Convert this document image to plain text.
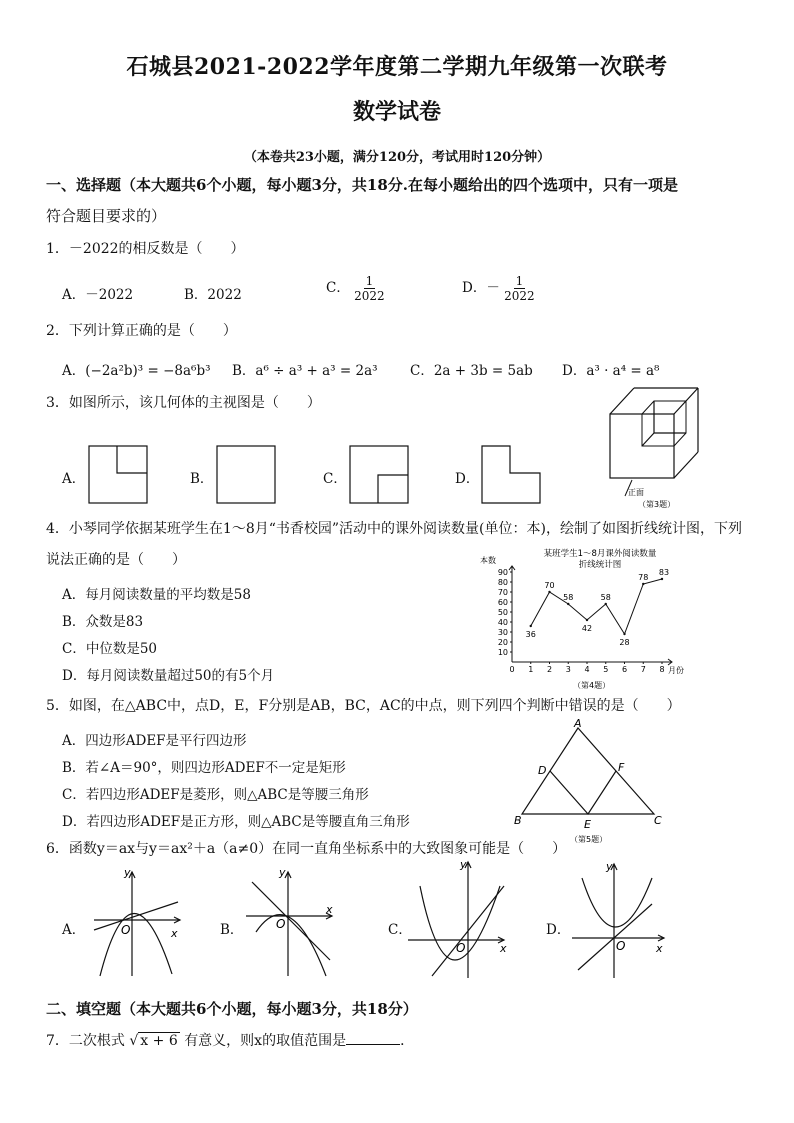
石城县2021-2022学年度第二学期九年级第一次联考
数学试卷
（本卷共23小题，满分120分，考试用时120分钟）
一、选择题（本大题共6个小题，每小题3分，共18分.在每小题给出的四个选项中，只有一项是
符合题目要求的）
1．－2022的相反数是（　　）
A．－2022	B．2022	C． $\frac{1}{2022}$	D．－ $\frac{1}{2022}$
2．下列计算正确的是（　　）
A．(−2a²b)³ = −8a⁶b³ B．a⁶ ÷ a³ + a³ = 2a³ C．2a + 3b = 5ab D．a³ · a⁴ = a⁸
3．如图所示，该几何体的主视图是（　　）
A．	B．	C．	D．
正面
（第3题）
4．小琴同学依据某班学生在1～8月“书香校园”活动中的课外阅读数量(单位：本)，绘制了如图折线统计图，下列
说法正确的是（　　）
A．每月阅读数量的平均数是58
B．众数是83
C．中位数是50
D．每月阅读数量超过50的有5个月
某班学生1～8月课外阅读数量
折线统计图
本数
月份
10
20
30
40
50
60
70
80
90
0 1 2 3 4 5 6 7 8
36
70
58
42
58
28
78
83
（第4题）
5．如图，在△ABC中，点D，E，F分别是AB，BC，AC的中点，则下列四个判断中错误的是（　　）
A．四边形ADEF是平行四边形
B．若∠A＝90°，则四边形ADEF不一定是矩形
C．若四边形ADEF是菱形，则△ABC是等腰三角形
D．若四边形ADEF是正方形，则△ABC是等腰直角三角形
A
B	C
D
E
F
（第5题）
6．函数y＝ax与y＝ax²＋a（a≠0）在同一直角坐标系中的大致图象可能是（　　）
A．	O	x
y
B．	O
x
y
C．
O	x
y
D．
O	x
y
二、填空题（本大题共6个小题，每小题3分，共18分）
7．二次根式 √ x + 6 有意义，则x的取值范围是	．
